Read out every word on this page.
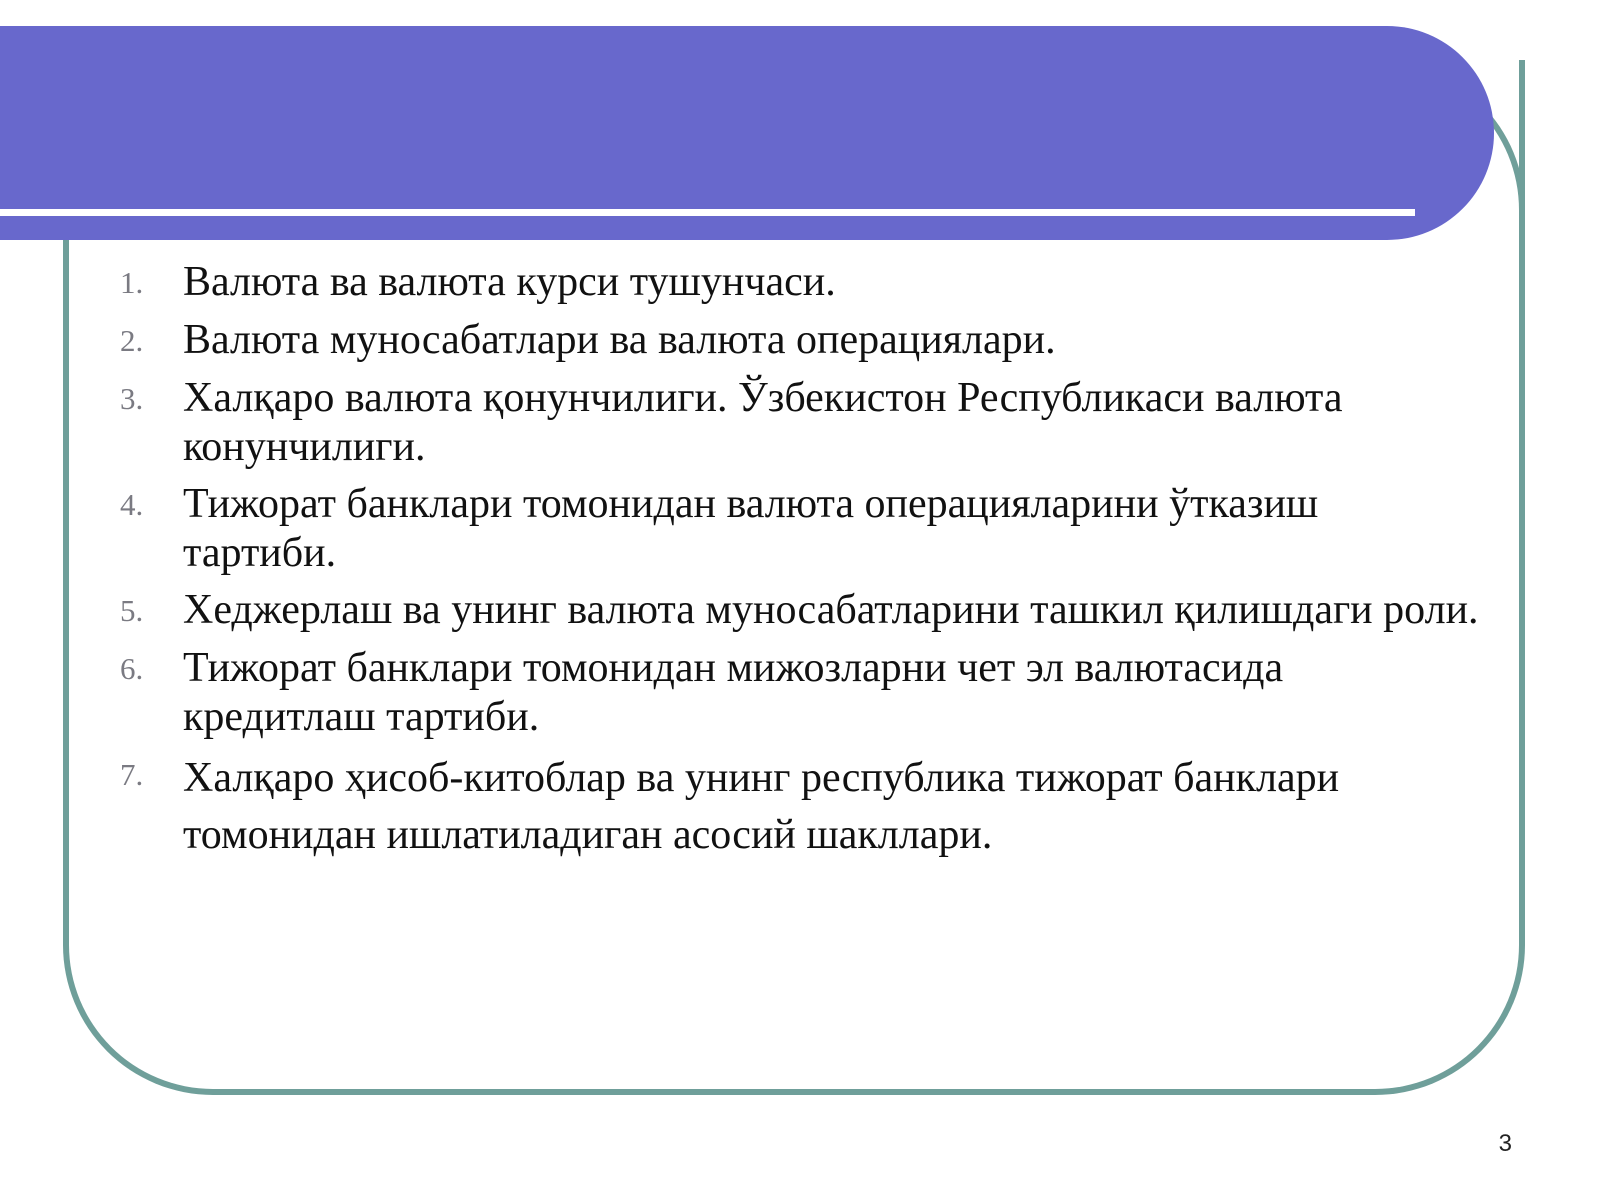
1. Валюта ва валюта курси тушунчаси.
2. Валюта муносабатлари ва валюта операциялари.
3. Халқаро валюта қонунчилиги. Ўзбекистон Республикаси валюта конунчилиги.
4. Тижорат банклари томонидан валюта операцияларини ўтказиш тартиби.
5. Хеджерлаш ва унинг валюта муносабатларини ташкил қилишдаги роли.
6. Тижорат банклари томонидан мижозларни чет эл валютасида кредитлаш тартиби.
7. Халқаро ҳисоб-китоблар ва унинг республика тижорат банклари томонидан ишлатиладиган асосий шакллари.
3
